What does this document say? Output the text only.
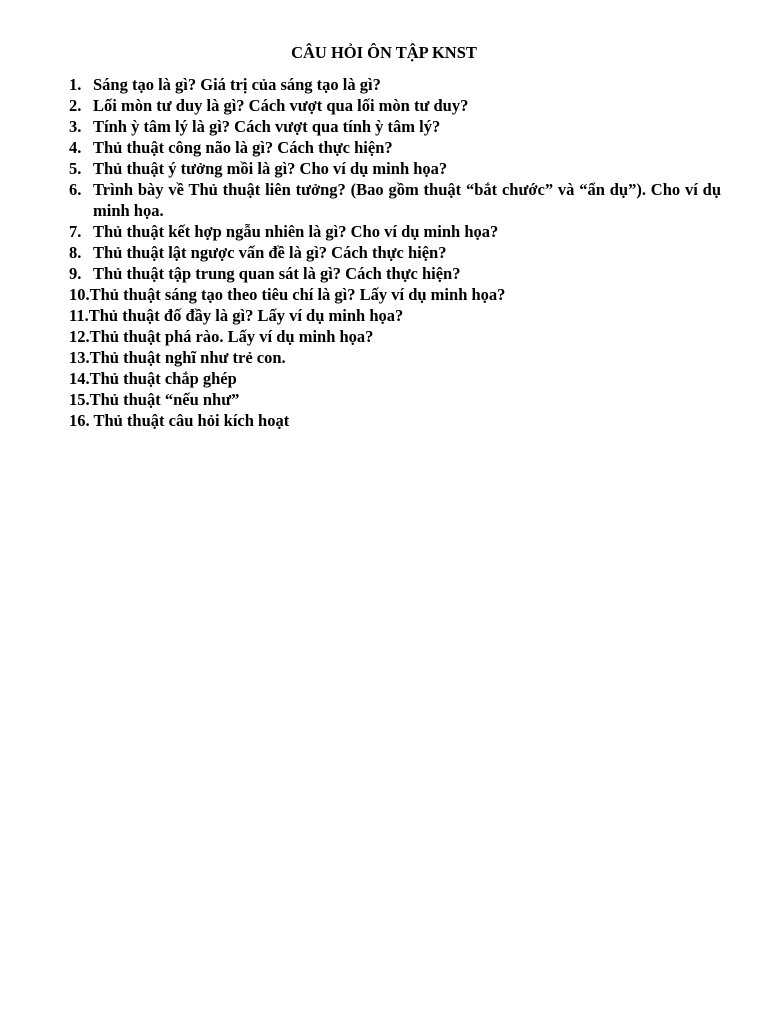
CÂU HỎI ÔN TẬP KNST
1. Sáng tạo là gì? Giá trị của sáng tạo là gì?
2. Lối mòn tư duy là gì? Cách vượt qua lối mòn tư duy?
3. Tính ỳ tâm lý là gì? Cách vượt qua tính ỳ tâm lý?
4. Thủ thuật công não là gì? Cách thực hiện?
5. Thủ thuật ý tưởng mồi là gì? Cho ví dụ minh họa?
6. Trình bày về Thủ thuật liên tưởng? (Bao gồm thuật “bắt chước” và “ẩn dụ”). Cho ví dụ minh họa.
7. Thủ thuật kết hợp ngẫu nhiên là gì? Cho ví dụ minh họa?
8. Thủ thuật lật ngược vấn đề là gì? Cách thực hiện?
9. Thủ thuật tập trung quan sát là gì? Cách thực hiện?
10.Thủ thuật sáng tạo theo tiêu chí là gì? Lấy ví dụ minh họa?
11.Thủ thuật đố đầy là gì? Lấy ví dụ minh họa?
12.Thủ thuật phá rào. Lấy ví dụ minh họa?
13.Thủ thuật nghĩ như trẻ con.
14.Thủ thuật chắp ghép
15.Thủ thuật “nếu như”
16. Thủ thuật câu hỏi kích hoạt
